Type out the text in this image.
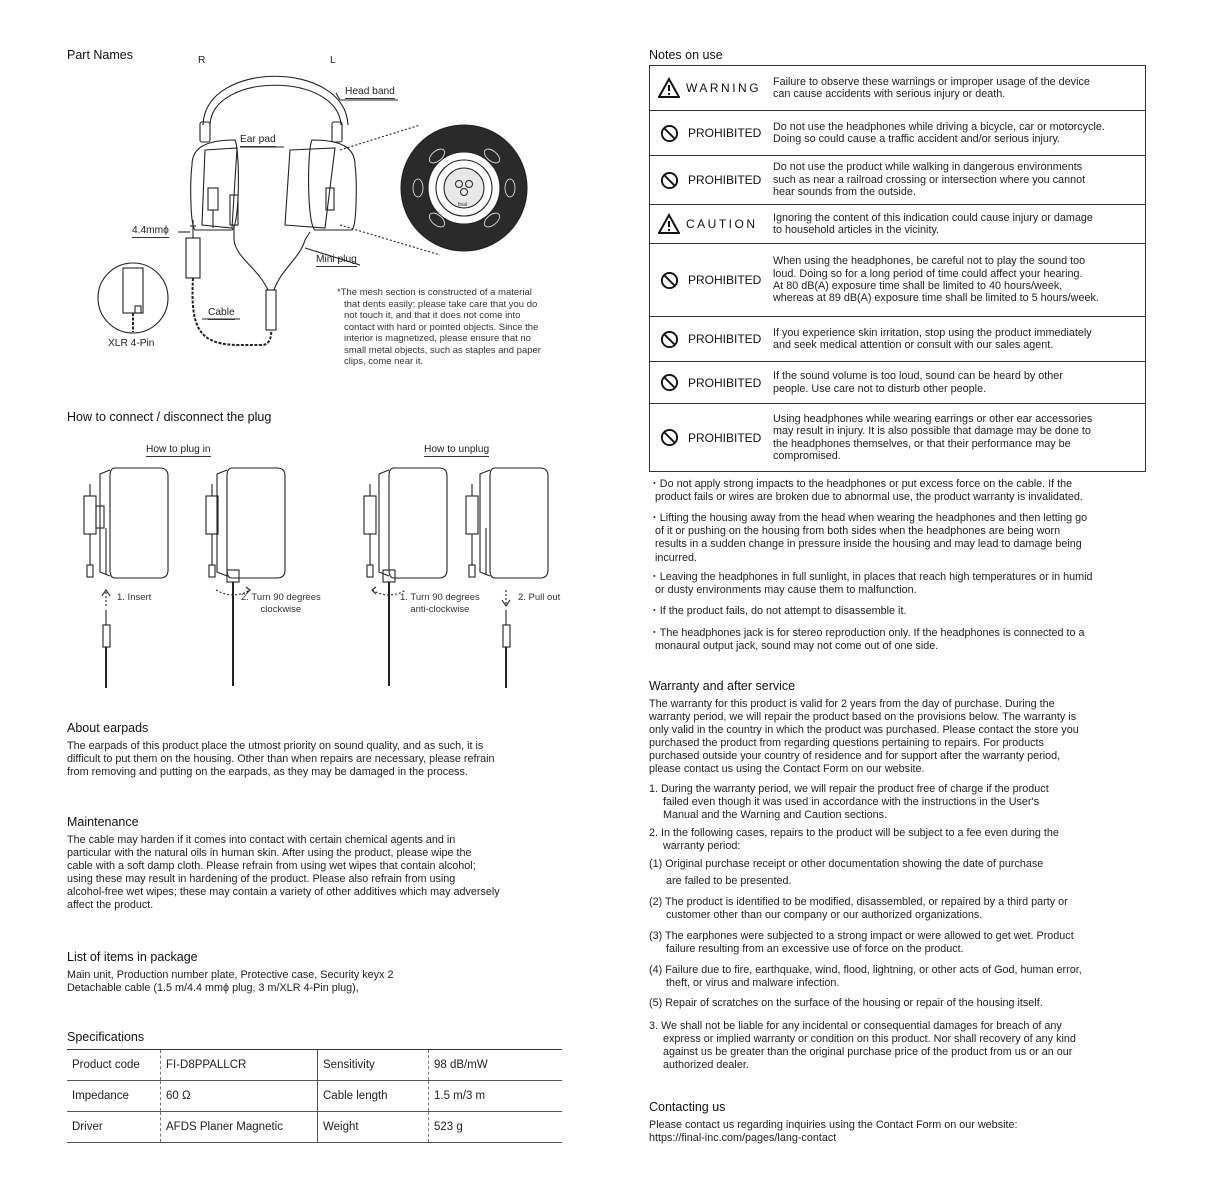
Part Names	R	L
final
Head band
Ear pad
4.4mmϕ
Mini plug
Cable
XLR 4-Pin
*The mesh section is constructed of a material
that dents easily; please take care that you do
not touch it, and that it does not come into
contact with hard or pointed objects. Since the
interior is magnetized, please ensure that no
small metal objects, such as staples and paper
clips, come near it.
How to connect / disconnect the plug
How to plug in	How to unplug
1. Insert	2. Turn 90 degrees
clockwise
1. Turn 90 degrees
anti-clockwise
2. Pull out
About earpads
The earpads of this product place the utmost priority on sound quality, and as such, it is
difficult to put them on the housing. Other than when repairs are necessary, please refrain
from removing and putting on the earpads, as they may be damaged in the process.
Maintenance
The cable may harden if it comes into contact with certain chemical agents and in
particular with the natural oils in human skin. After using the product, please wipe the
cable with a soft damp cloth. Please refrain from using wet wipes that contain alcohol;
using these may result in hardening of the product. Please also refrain from using
alcohol-free wet wipes; these may contain a variety of other additives which may adversely
affect the product.
List of items in package
Main unit, Production number plate, Protective case, Security keyx 2
Detachable cable (1.5 m/4.4 mmϕ plug, 3 m/XLR 4-Pin plug),
Specifications
Product code	FI-D8PPALLCR	Sensitivity	98 dB/mW
Impedance	60 Ω	Cable length	1.5 m/3 m
Driver	AFDS Planer Magnetic	Weight	523 g
Notes on use
WARNING Failure to observe these warnings or improper usage of the device
can cause accidents with serious injury or death.
PROHIBITED Do not use the headphones while driving a bicycle, car or motorcycle.
Doing so could cause a traffic accident and/or serious injury.
PROHIBITED
Do not use the product while walking in dangerous environments
such as near a railroad crossing or intersection where you cannot
hear sounds from the outside.
CAUTION Ignoring the content of this indication could cause injury or damage
to household articles in the vicinity.
PROHIBITED
When using the headphones, be careful not to play the sound too
loud. Doing so for a long period of time could affect your hearing.
At 80 dB(A) exposure time shall be limited to 40 hours/week,
whereas at 89 dB(A) exposure time shall be limited to 5 hours/week.
PROHIBITED If you experience skin irritation, stop using the product immediately
and seek medical attention or consult with our sales agent.
PROHIBITED If the sound volume is too loud, sound can be heard by other
people. Use care not to disturb other people.
PROHIBITED
Using headphones while wearing earrings or other ear accessories
may result in injury. It is also possible that damage may be done to
the headphones themselves, or that their performance may be
compromised.
・Do not apply strong impacts to the headphones or put excess force on the cable. If the
product fails or wires are broken due to abnormal use, the product warranty is invalidated.
・Lifting the housing away from the head when wearing the headphones and then letting go
of it or pushing on the housing from both sides when the headphones are being worn
results in a sudden change in pressure inside the housing and may lead to damage being
incurred.
・Leaving the headphones in full sunlight, in places that reach high temperatures or in humid
or dusty environments may cause them to malfunction.
・If the product fails, do not attempt to disassemble it.
・The headphones jack is for stereo reproduction only. If the headphones is connected to a
monaural output jack, sound may not come out of one side.
Warranty and after service
The warranty for this product is valid for 2 years from the day of purchase. During the
warranty period, we will repair the product based on the provisions below. The warranty is
only valid in the country in which the product was purchased. Please contact the store you
purchased the product from regarding questions pertaining to repairs. For products
purchased outside your country of residence and for support after the warranty period,
please contact us using the Contact Form on our website.
1. During the warranty period, we will repair the product free of charge if the product
failed even though it was used in accordance with the instructions in the User's
Manual and the Warning and Caution sections.
2. In the following cases, repairs to the product will be subject to a fee even during the
warranty period:
(1) Original purchase receipt or other documentation showing the date of purchase
are failed to be presented.
(2) The product is identified to be modified, disassembled, or repaired by a third party or
customer other than our company or our authorized organizations.
(3) The earphones were subjected to a strong impact or were allowed to get wet. Product
failure resulting from an excessive use of force on the product.
(4) Failure due to fire, earthquake, wind, flood, lightning, or other acts of God, human error,
theft, or virus and malware infection.
(5) Repair of scratches on the surface of the housing or repair of the housing itself.
3. We shall not be liable for any incidental or consequential damages for breach of any
express or implied warranty or condition on this product. Nor shall recovery of any kind
against us be greater than the original purchase price of the product from us or an our
authorized dealer.
Contacting us
Please contact us regarding inquiries using the Contact Form on our website:
https://final-inc.com/pages/lang-contact
